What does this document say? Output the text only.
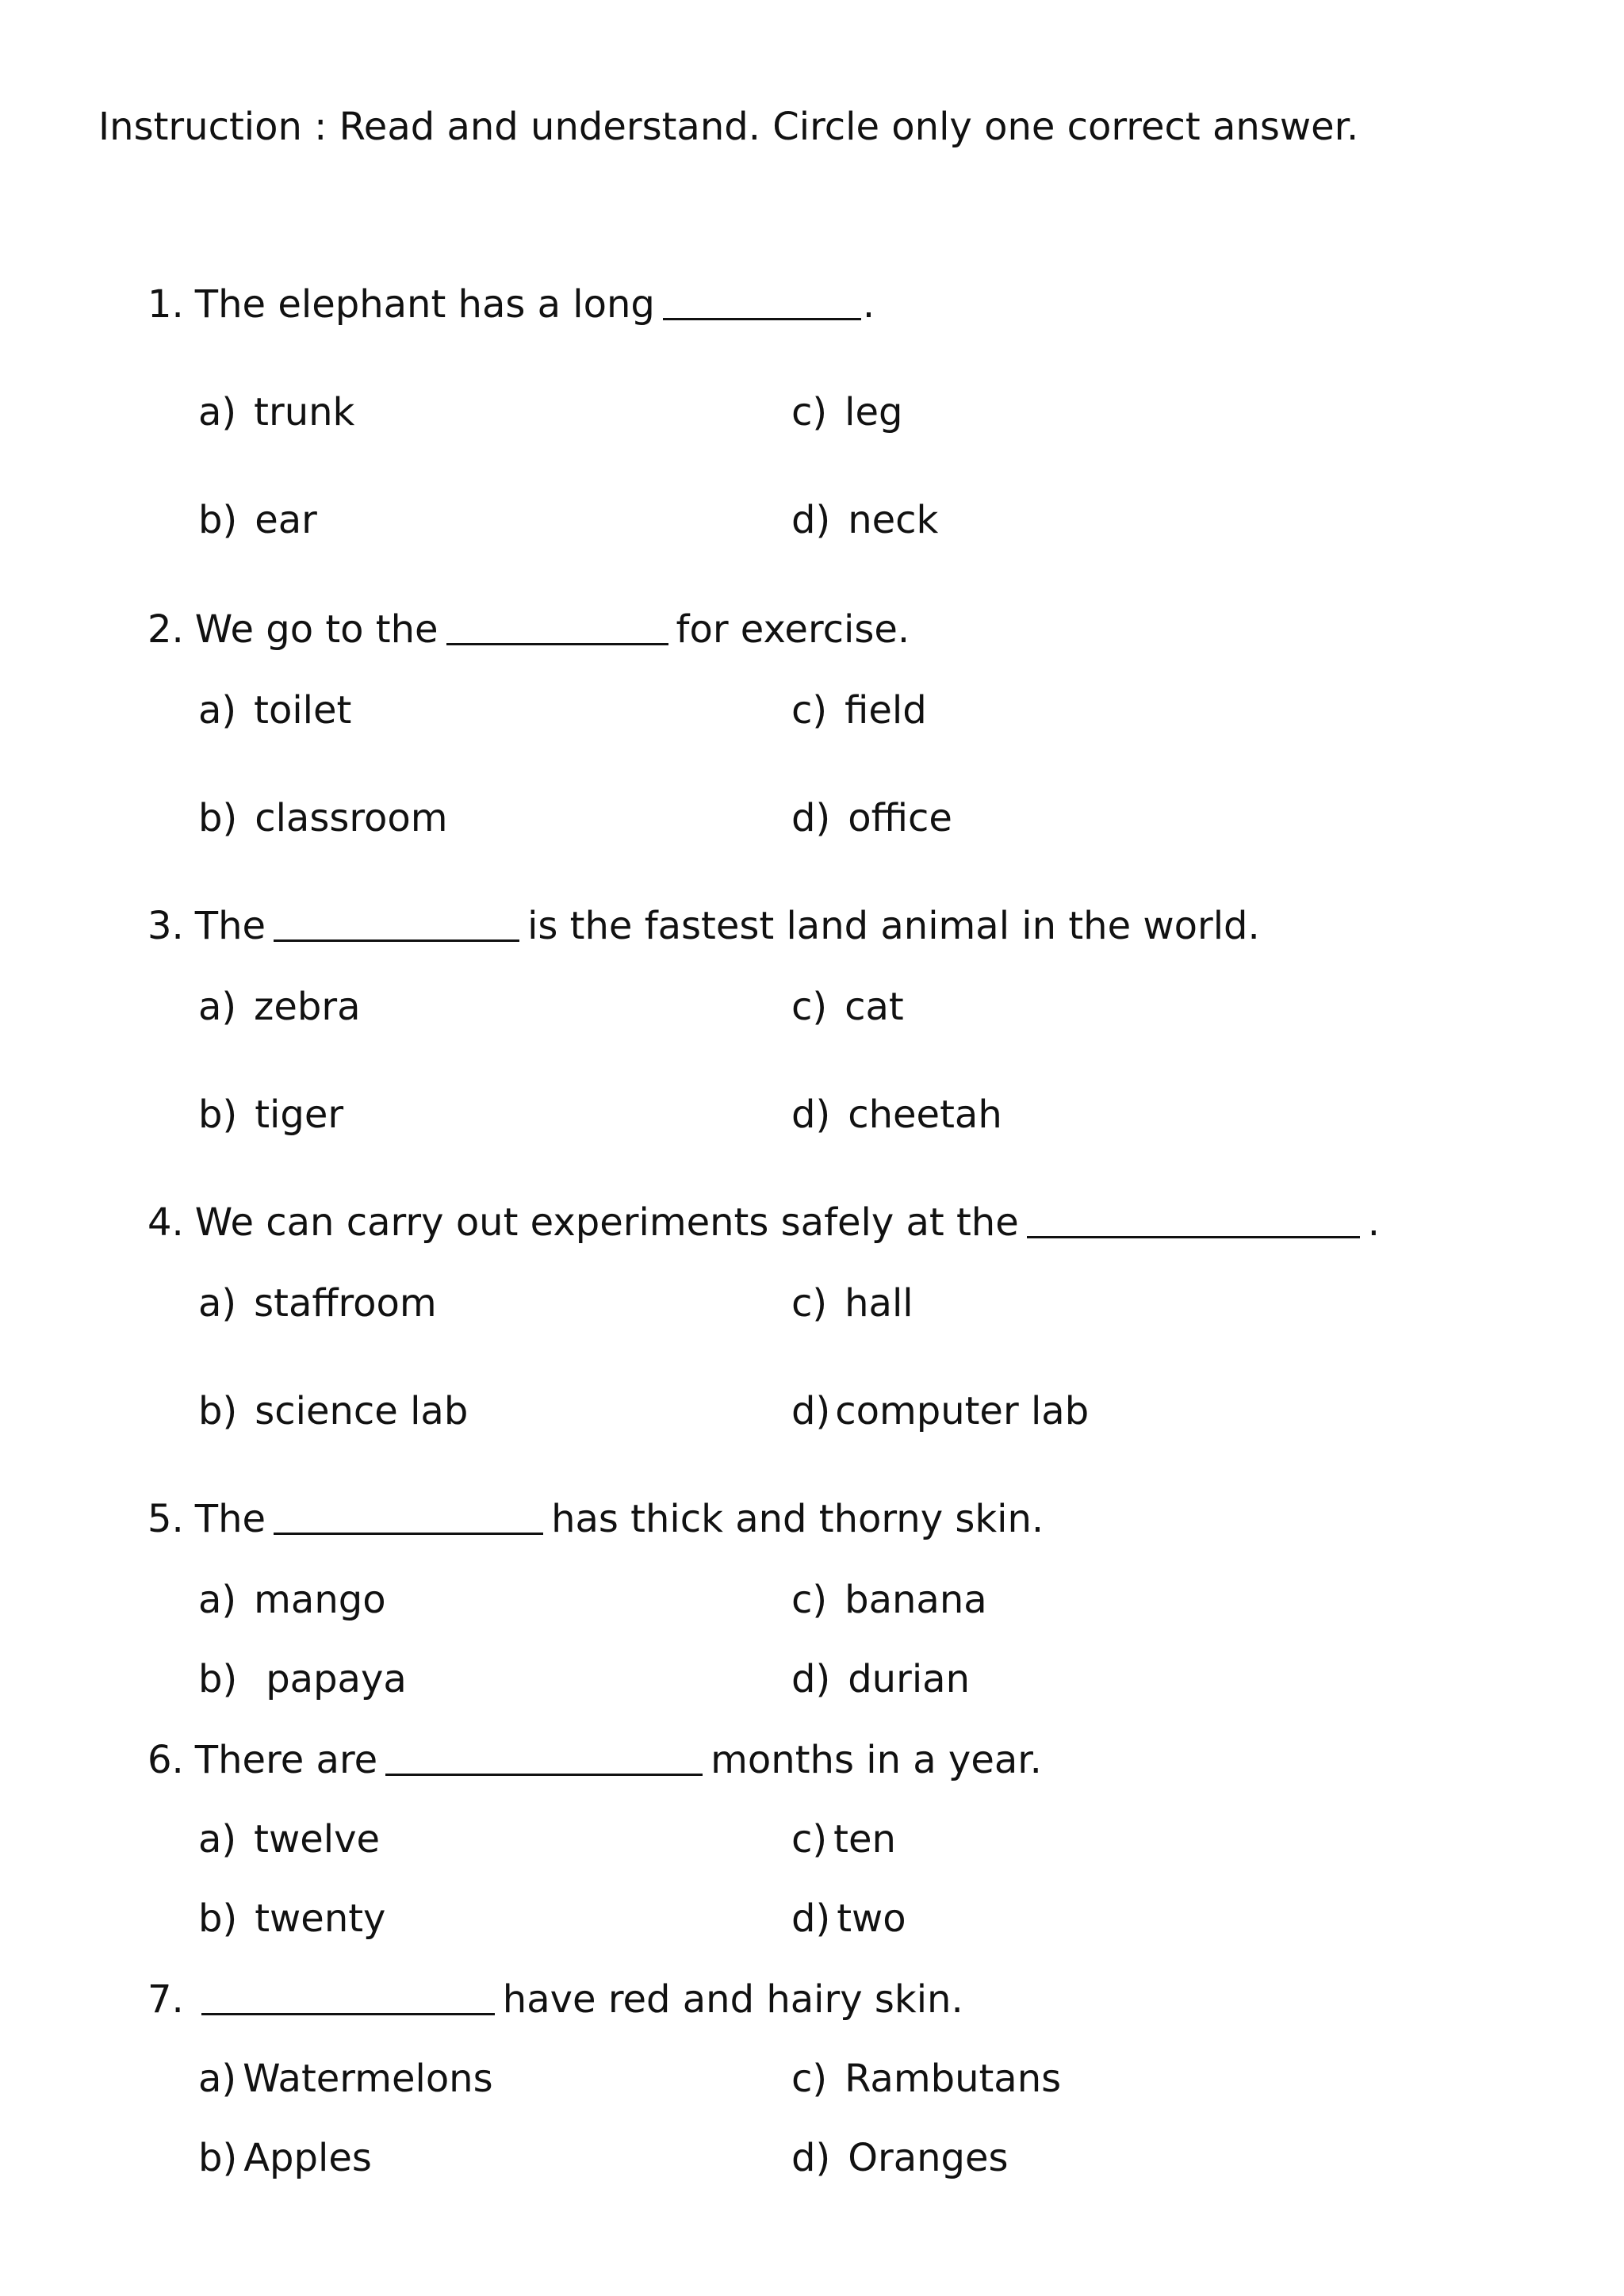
Instruction : Read and understand. Circle only one correct answer.
1. The elephant has a long	.
a) trunk
b) ear
c) leg
d) neck
2. We go to the	for exercise.
a) toilet
b) classroom
c) field
d) office
3. The	is the fastest land animal in the world.
a) zebra
b) tiger
c) cat
d) cheetah
4. We can carry out experiments safely at the	.
a) staffroom
b) science lab
c) hall
d) computer lab
5. The	has thick and thorny skin.
a) mango
b) papaya
c) banana
d) durian
6. There are	months in a year.
a) twelve
b) twenty
c) ten
d) two
7.	have red and hairy skin.
a) Watermelons
b) Apples
c) Rambutans
d) Oranges
